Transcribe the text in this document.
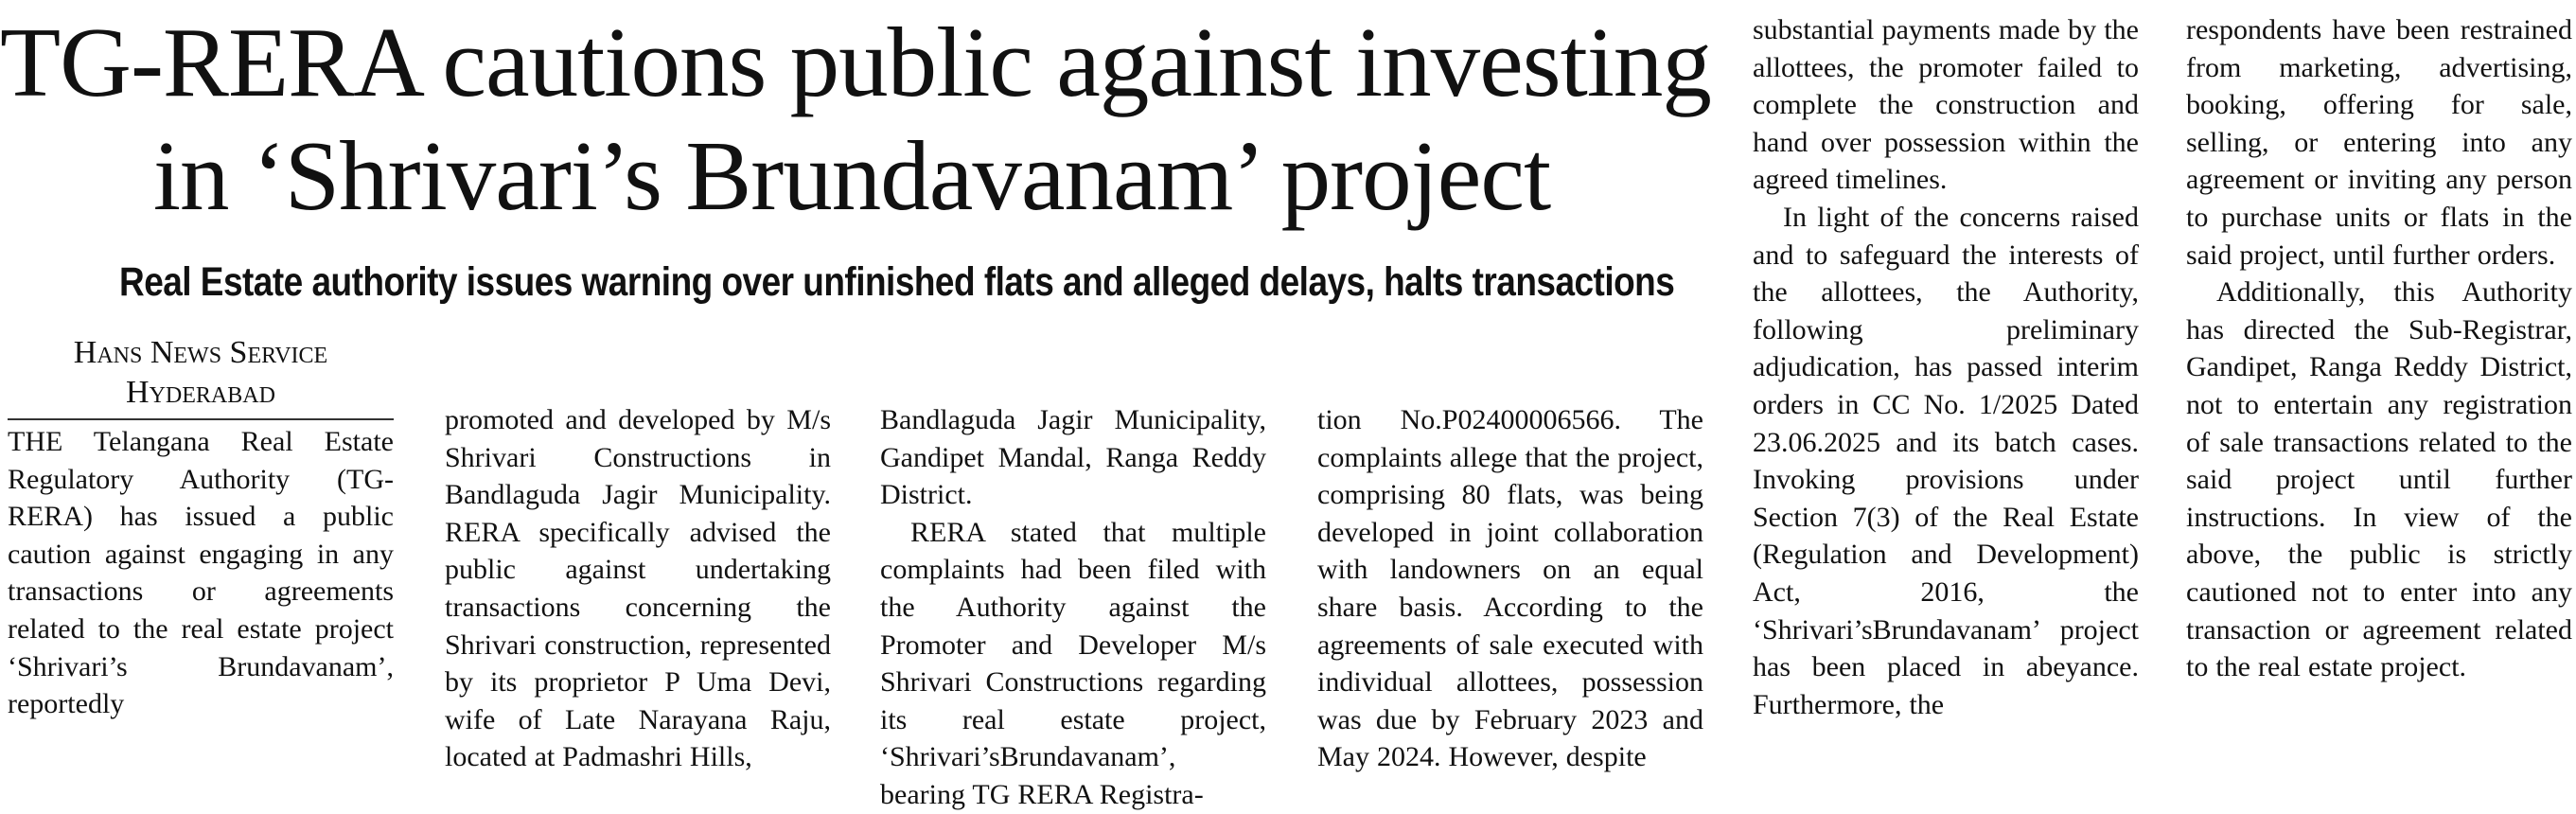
TG-RERA cautions public against investing
in ‘Shrivari’s Brundavanam’ project
Real Estate authority issues warning over unfinished flats and alleged delays, halts transactions
Hans News Service
Hyderabad

THE Telangana Real Estate Regulatory Authority (TG-RERA) has issued a public caution against engaging in any transactions or agreements related to the real estate project ‘Shrivari’s Brundavanam’, reportedly

promoted and developed by M/s Shrivari Constructions in Bandlaguda Jagir Municipality. RERA specifically advised the public against undertaking transactions concerning the Shrivari construction, represented by its proprietor P Uma Devi, wife of Late Narayana Raju, located at Padmashri Hills,

Bandlaguda Jagir Municipality, Gandipet Mandal, Ranga Reddy District.

RERA stated that multiple complaints had been filed with the Authority against the Promoter and Developer M/s Shrivari Constructions regarding its real estate project, ‘Shrivari’sBrundavanam’, bearing TG RERA Registra-

tion No.P02400006566. The complaints allege that the project, comprising 80 flats, was being developed in joint collaboration with landowners on an equal share basis. According to the agreements of sale executed with individual allottees, possession was due by February 2023 and May 2024. However, despite

substantial payments made by the allottees, the promoter failed to complete the construction and hand over possession within the agreed timelines.

In light of the concerns raised and to safeguard the interests of the allottees, the Authority, following preliminary adjudication, has passed interim orders in CC No. 1/2025 Dated 23.06.2025 and its batch cases. Invoking provisions under Section 7(3) of the Real Estate (Regulation and Development) Act, 2016, the ‘Shrivari’sBrundavanam’ project has been placed in abeyance. Furthermore, the

respondents have been restrained from marketing, advertising, booking, offering for sale, selling, or entering into any agreement or inviting any person to purchase units or flats in the said project, until further orders.

Additionally, this Authority has directed the Sub-Registrar, Gandipet, Ranga Reddy District, not to entertain any registration of sale transactions related to the said project until further instructions. In view of the above, the public is strictly cautioned not to enter into any transaction or agreement related to the real estate project.
